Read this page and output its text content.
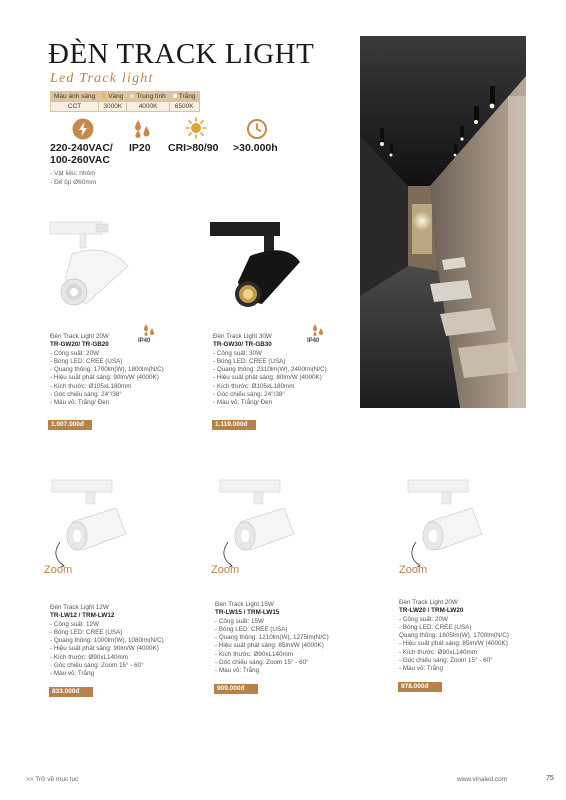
ĐÈN TRACK LIGHT
Led Track light
Màu ánh sáng	Vàng	Trung tính	Trắng
CCT	3000K	4000K	6500K
220-240VAC/
100-260VAC
IP20 CRI>80/90 >30.000h
- Vật liệu: nhôm
- Đế ốp Ø60mm
IP40	IP40
Đèn Track Light 20W
TR-GW20/ TR-GB20
- Công suất: 20W
- Bóng LED: CREE (USA)
- Quang thông: 1700lm(W), 1800lm(N/C)
- Hiệu suất phát sáng: 90lm/W (4000K)
- Kích thước: Ø105xL180mm
- Góc chiếu sáng: 24°/38°
- Màu vỏ: Trắng/ Đen
1.007.000đ
Đèn Track Light 30W
TR-GW30/ TR-GB30
- Công suất: 30W
- Bóng LED: CREE (USA)
- Quang thông: 2310lm(W), 2400lm(N/C)
- Hiệu suất phát sáng: 80lm/W (4000K)
- Kích thước: Ø105xL180mm
- Góc chiếu sáng: 24°/38°
- Màu vỏ: Trắng/ Đen
1.119.000đ
Zoom	Zoom	Zoom
Đèn Track Light 12W
TR-LW12 / TRM-LW12
- Công suất: 12W
- Bóng LED: CREE (USA)
- Quang thông: 1000lm(W), 1080lm(N/C)
- Hiệu suất phát sáng: 90lm/W (4000K)
- Kích thước: Ø90xL140mm
- Góc chiếu sáng: Zoom 15° - 60°
- Màu vỏ: Trắng
833.000đ
Đèn Track Light 15W
TR-LW15 / TRM-LW15
- Công suất: 15W
- Bóng LED: CREE (USA)
- Quang thông: 1210lm(W), 1275lm(N/C)
- Hiệu suất phát sáng: 85lm/W (4000K)
- Kích thước: Ø90xL140mm
- Góc chiếu sáng: Zoom 15° - 60°
- Màu vỏ: Trắng
909.000đ
Đèn Track Light 20W
TR-LW20 / TRM-LW20
- Công suất: 20W
- Bóng LED: CREE (USA)
Quang thông: 1605lm(W), 1700lm(N/C)
- Hiệu suất phát sáng: 85lm/W (4000K)
- Kích thước: Ø90xL140mm
- Góc chiếu sáng: Zoom 15° - 60°
- Màu vỏ: Trắng
978.000đ
>> Trở về mục lục	www.vinaled.com	75
